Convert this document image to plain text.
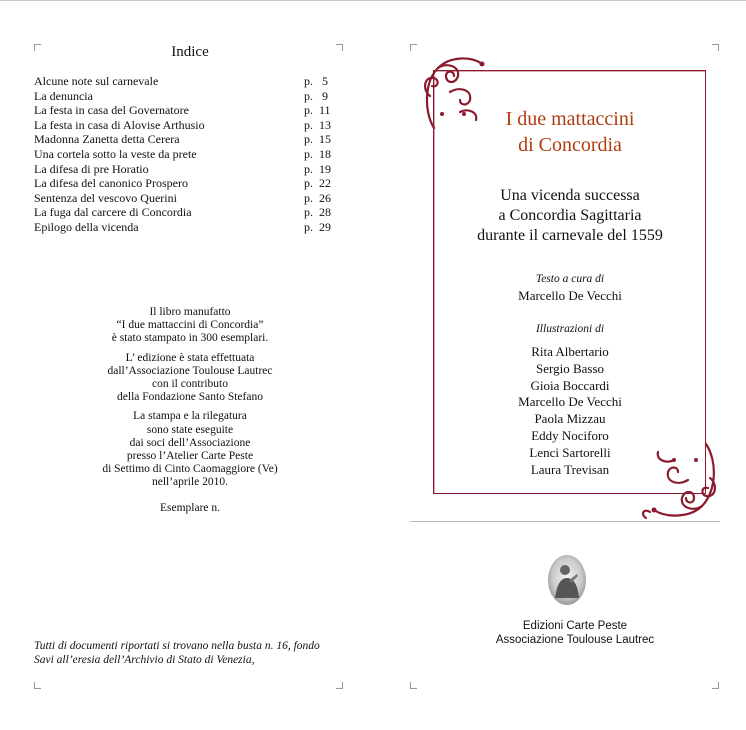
Indice
Alcune note sul carnevale	p.   5
La denuncia	p.   9
La festa in casa del Governatore	p.  11
La festa in casa di Alovise Arthusio	p.  13
Madonna Zanetta detta Cerera	p.  15
Una cortela sotto la veste da prete	p.  18
La difesa di pre Horatio	p.  19
La difesa del canonico Prospero	p.  22
Sentenza del vescovo Querini	p.  26
La fuga dal carcere di Concordia	p.  28
Epilogo della vicenda	p.  29

Il libro manufatto
“I due mattaccini di Concordia”
è stato stampato in 300 esemplari.

L’ edizione è stata effettuata
dall’Associazione Toulouse Lautrec
con il contributo
della Fondazione Santo Stefano

La stampa e la rilegatura
sono state eseguite
dai soci dell’Associazione
presso l’Atelier Carte Peste
di Settimo di Cinto Caomaggiore (Ve)
nell’aprile 2010.

Esemplare n.

Tutti di documenti riportati si trovano nella busta n. 16, fondo
Savi all’eresia dell’Archivio di Stato di Venezia,
I due mattaccini
di Concordia
Una vicenda successa
a Concordia Sagittaria
durante il carnevale del 1559
Testo a cura di
Marcello De Vecchi
Illustrazioni di
Rita Albertario
Sergio Basso
Gioia Boccardi
Marcello De Vecchi
Paola Mizzau
Eddy Nociforo
Lenci Sartorelli
Laura Trevisan
Edizioni Carte Peste
Associazione Toulouse Lautrec
